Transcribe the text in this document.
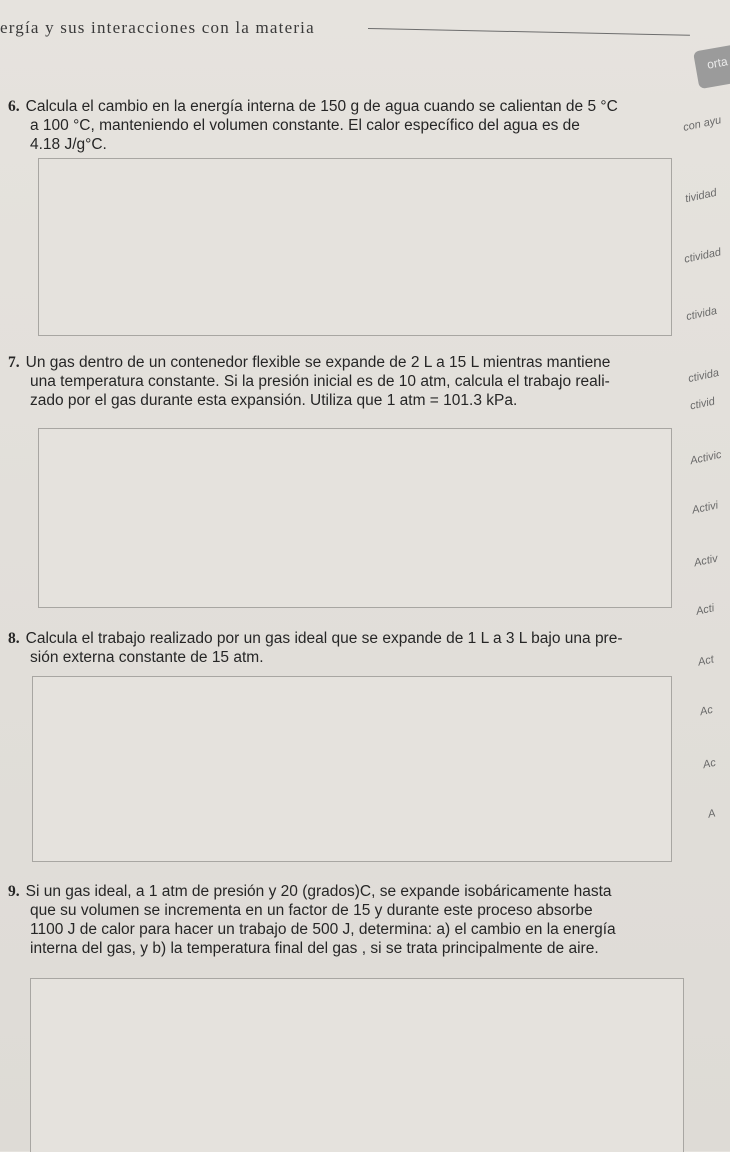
ergía y sus interacciones con la materia
orta
6. Calcula el cambio en la energía interna de 150 g de agua cuando se calientan de 5 °C
a 100 °C, manteniendo el volumen constante. El calor específico del agua es de
4.18 J/g°C.
7. Un gas dentro de un contenedor flexible se expande de 2 L a 15 L mientras mantiene
una temperatura constante. Si la presión inicial es de 10 atm, calcula el trabajo reali-
zado por el gas durante esta expansión. Utiliza que 1 atm = 101.3 kPa.
8. Calcula el trabajo realizado por un gas ideal que se expande de 1 L a 3 L bajo una pre-
sión externa constante de 15 atm.
9. Si un gas ideal, a 1 atm de presión y 20 (grados)C, se expande isobáricamente hasta
que su volumen se incrementa en un factor de 15 y durante este proceso absorbe
1100 J de calor para hacer un trabajo de 500 J, determina: a) el cambio en la energía
interna del gas, y b) la temperatura final del gas , si se trata principalmente de aire.
con ayu
tividad
ctividad
ctivida
ctivida
ctivid
Activic
Activi
Activ
Acti
Act
Ac
Ac
A
